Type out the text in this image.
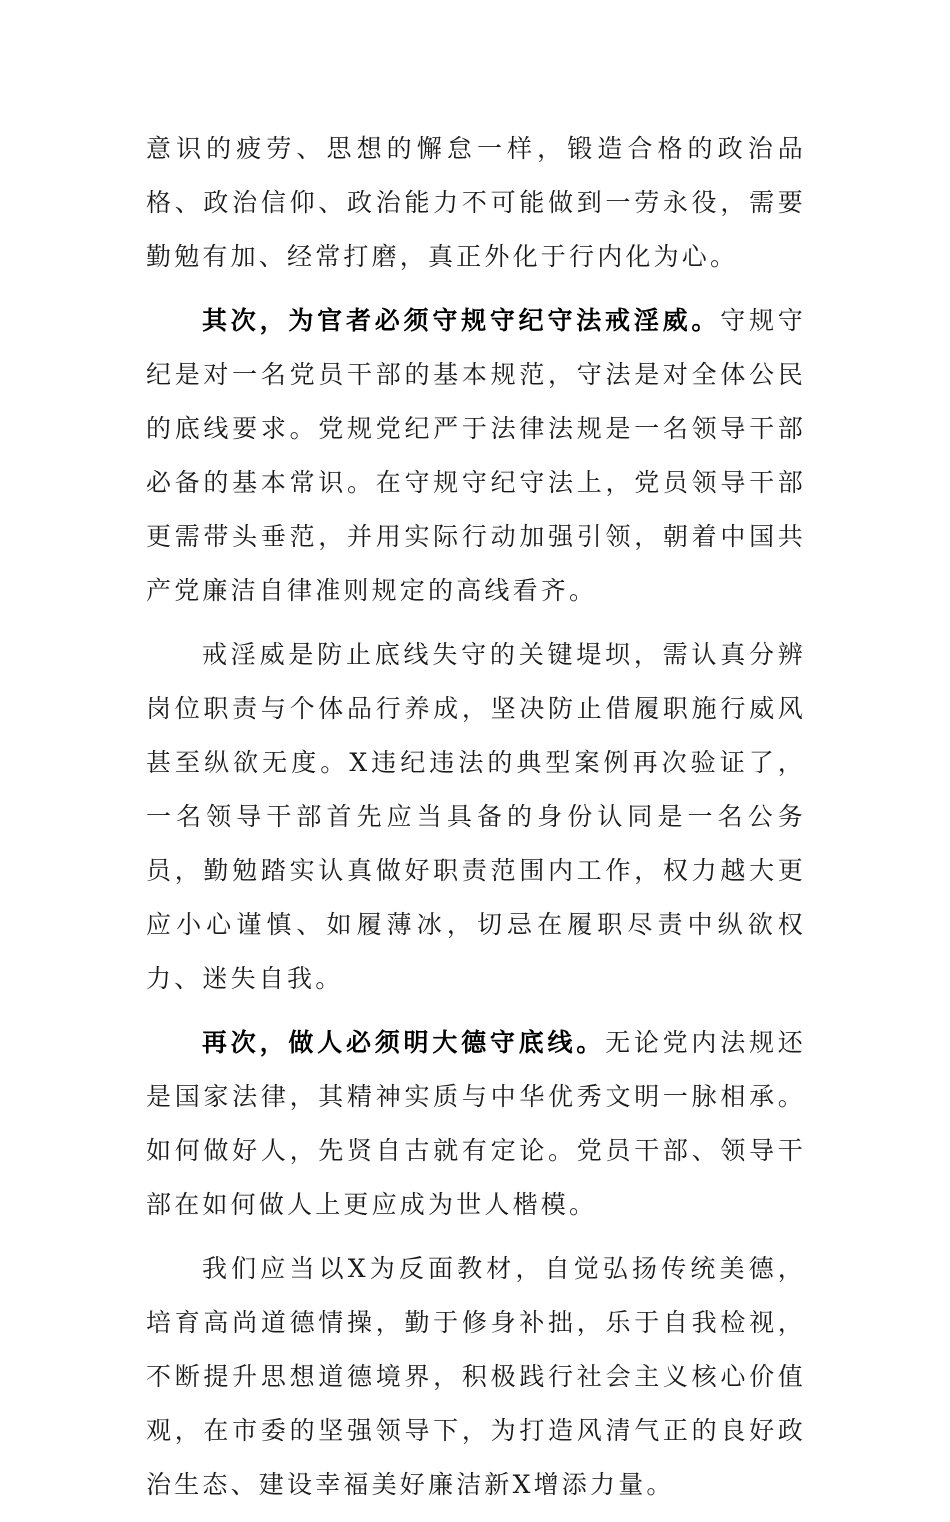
意识的疲劳、思想的懈怠一样，锻造合格的政治品格、政治信仰、政治能力不可能做到一劳永役，需要勤勉有加、经常打磨，真正外化于行内化为心。

其次，为官者必须守规守纪守法戒淫威。守规守纪是对一名党员干部的基本规范，守法是对全体公民的底线要求。党规党纪严于法律法规是一名领导干部必备的基本常识。在守规守纪守法上，党员领导干部更需带头垂范，并用实际行动加强引领，朝着中国共产党廉洁自律准则规定的高线看齐。

戒淫威是防止底线失守的关键堤坝，需认真分辨岗位职责与个体品行养成，坚决防止借履职施行威风甚至纵欲无度。X违纪违法的典型案例再次验证了，一名领导干部首先应当具备的身份认同是一名公务员，勤勉踏实认真做好职责范围内工作，权力越大更应小心谨慎、如履薄冰，切忌在履职尽责中纵欲权力、迷失自我。

再次，做人必须明大德守底线。无论党内法规还是国家法律，其精神实质与中华优秀文明一脉相承。如何做好人，先贤自古就有定论。党员干部、领导干部在如何做人上更应成为世人楷模。

我们应当以X为反面教材，自觉弘扬传统美德，培育高尚道德情操，勤于修身补拙，乐于自我检视，不断提升思想道德境界，积极践行社会主义核心价值观，在市委的坚强领导下，为打造风清气正的良好政治生态、建设幸福美好廉洁新X增添力量。
